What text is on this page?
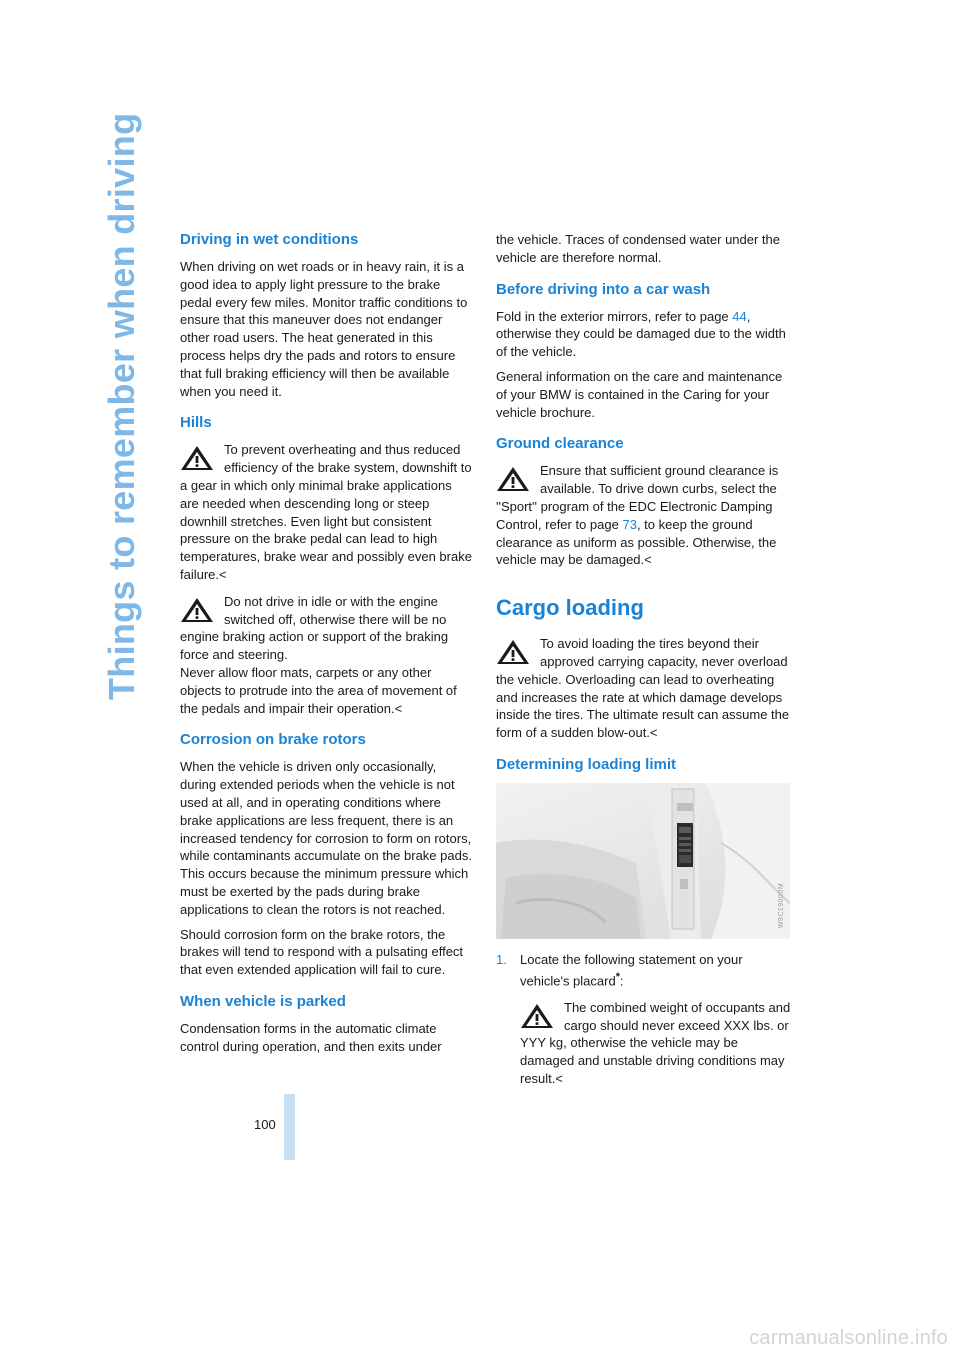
Things to remember when driving	Driving in wet conditions

When driving on wet roads or in heavy rain, it is a good idea to apply light pressure to the brake pedal every few miles. Monitor traffic conditions to ensure that this maneuver does not endanger other road users. The heat generated in this process helps dry the pads and rotors to ensure that full braking efficiency will then be available when you need it.

Hills
To prevent overheating and thus reduced efficiency of the brake system, downshift to a gear in which only minimal brake applications are needed when descending long or steep downhill stretches. Even light but consistent pressure on the brake pedal can lead to high temperatures, brake wear and possibly even brake failure.<
Do not drive in idle or with the engine switched off, otherwise there will be no engine braking action or support of the braking force and steering.
Never allow floor mats, carpets or any other objects to protrude into the area of movement of the pedals and impair their operation.<
Corrosion on brake rotors

When the vehicle is driven only occasionally, during extended periods when the vehicle is not used at all, and in operating conditions where brake applications are less frequent, there is an increased tendency for corrosion to form on rotors, while contaminants accumulate on the brake pads. This occurs because the minimum pressure which must be exerted by the pads during brake applications to clean the rotors is not reached.

Should corrosion form on the brake rotors, the brakes will tend to respond with a pulsating effect that even extended application will fail to cure.

When vehicle is parked

Condensation forms in the automatic climate control during operation, and then exits under

the vehicle. Traces of condensed water under the vehicle are therefore normal.

Before driving into a car wash

Fold in the exterior mirrors, refer to page 44, otherwise they could be damaged due to the width of the vehicle.

General information on the care and maintenance of your BMW is contained in the Caring for your vehicle brochure.

Ground clearance
Ensure that sufficient ground clearance is available. To drive down curbs, select the ''Sport'' program of the EDC Electronic Damping Control, refer to page 73, to keep the ground clearance as uniform as possible. Otherwise, the vehicle may be damaged.<
Cargo loading
To avoid loading the tires beyond their approved carrying capacity, never overload the vehicle. Overloading can lead to overheating and increases the rate at which damage develops inside the tires. The ultimate result can assume the form of a sudden blow-out.<
Determining loading limit
W9C19000M
1.	Locate the following statement on your vehicle's placard*:
The combined weight of occupants and cargo should never exceed XXX lbs. or YYY kg, otherwise the vehicle may be damaged and unstable driving conditions may result.<
100
carmanualsonline.info
